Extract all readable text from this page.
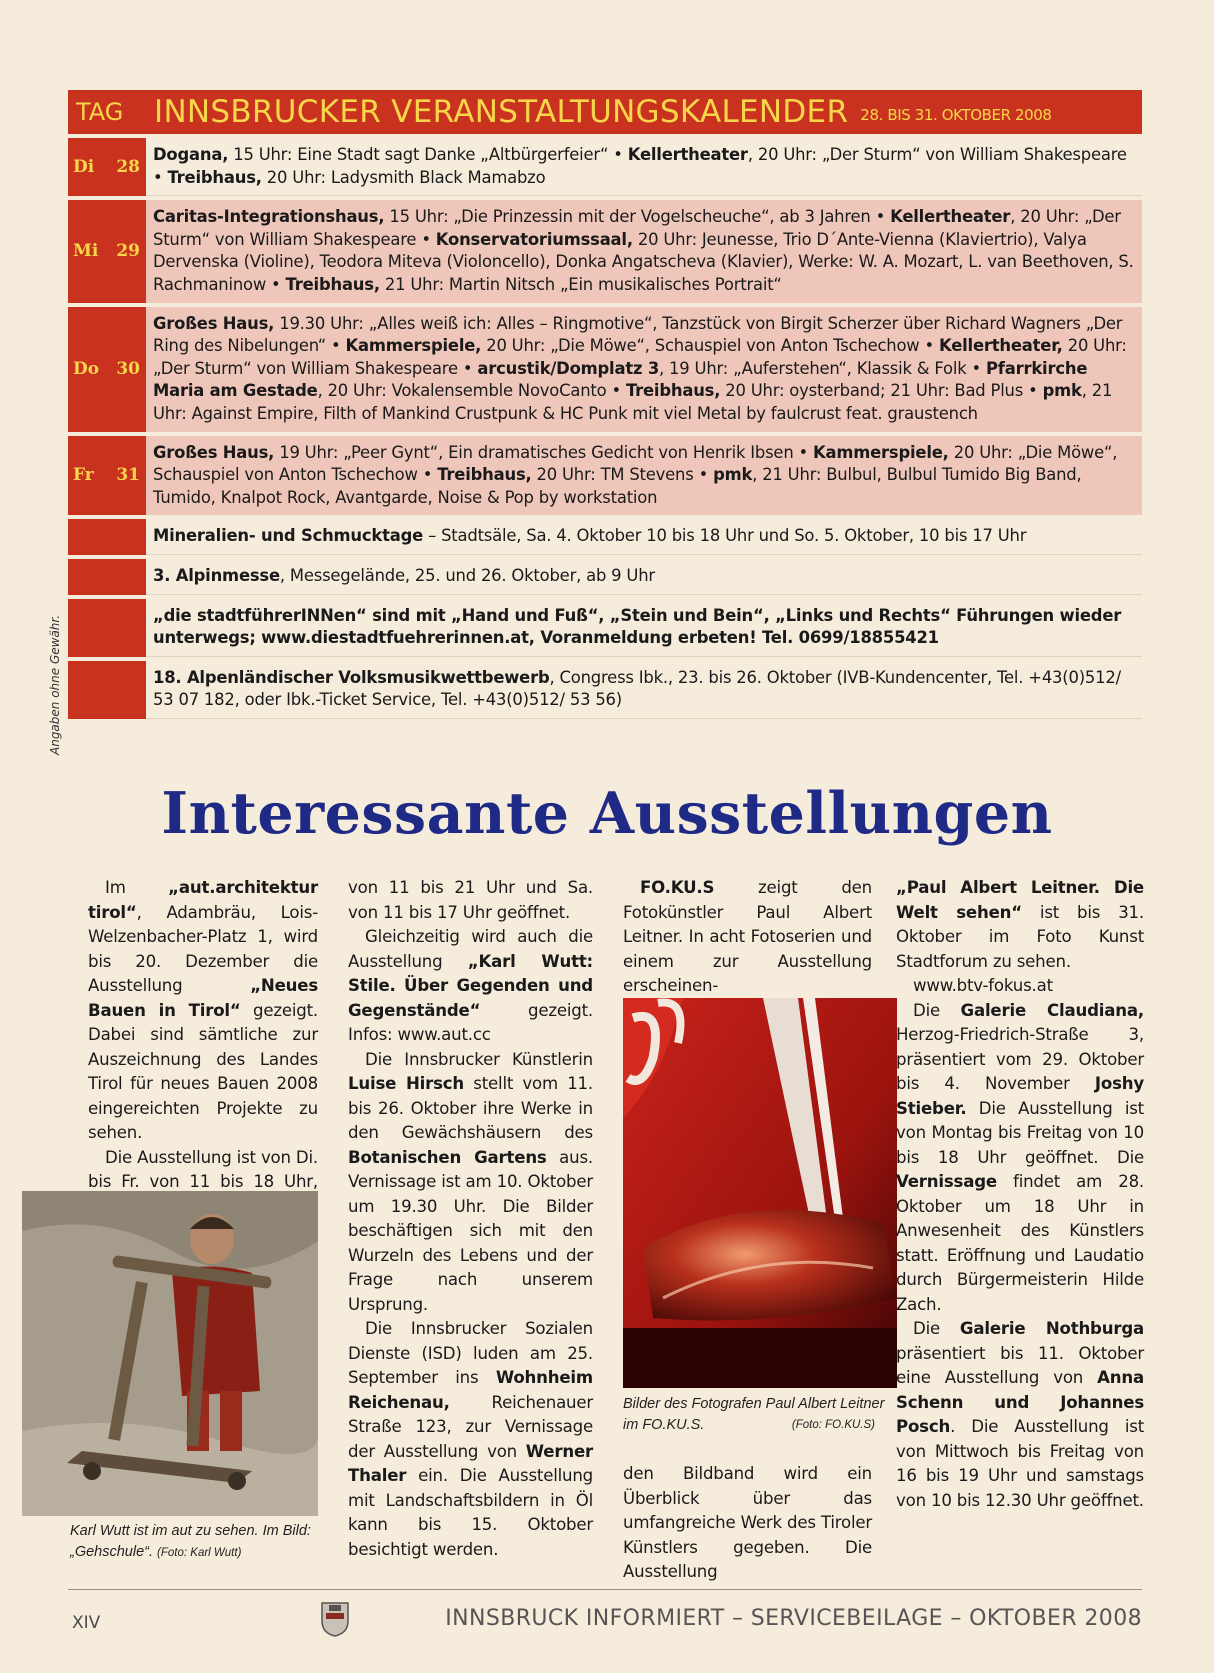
TAG INNSBRUCKER VERANSTALTUNGSKALENDER 28. BIS 31. OKTOBER 2008
Di 28
Dogana, 15 Uhr: Eine Stadt sagt Danke „Altbürgerfeier“ • Kellertheater, 20 Uhr: „Der Sturm“ von William Shakespeare • Treibhaus, 20 Uhr: Ladysmith Black Mamabzo
Mi 29
Caritas-Integrationshaus, 15 Uhr: „Die Prinzessin mit der Vogelscheuche“, ab 3 Jahren • Kellertheater, 20 Uhr: „Der Sturm“ von William Shakespeare • Konservatoriumssaal, 20 Uhr: Jeunesse, Trio D´Ante-Vienna (Klaviertrio), Valya Dervenska (Violine), Teodora Miteva (Violoncello), Donka Angatscheva (Klavier), Werke: W. A. Mozart, L. van Beethoven, S. Rachmaninow • Treibhaus, 21 Uhr: Martin Nitsch „Ein musikalisches Portrait“
Do 30
Großes Haus, 19.30 Uhr: „Alles weiß ich: Alles – Ringmotive“, Tanzstück von Birgit Scherzer über Richard Wagners „Der Ring des Nibelungen“ • Kammerspiele, 20 Uhr: „Die Möwe“, Schauspiel von Anton Tschechow • Kellertheater, 20 Uhr: „Der Sturm“ von William Shakespeare • arcustik/Domplatz 3, 19 Uhr: „Auferstehen“, Klassik & Folk • Pfarrkirche Maria am Gestade, 20 Uhr: Vokalensemble NovoCanto • Treibhaus, 20 Uhr: oysterband; 21 Uhr: Bad Plus • pmk, 21 Uhr: Against Empire, Filth of Mankind Crustpunk & HC Punk mit viel Metal by faulcrust feat. graustench
Fr 31
Großes Haus, 19 Uhr: „Peer Gynt“, Ein dramatisches Gedicht von Henrik Ibsen • Kammerspiele, 20 Uhr: „Die Möwe“, Schauspiel von Anton Tschechow • Treibhaus, 20 Uhr: TM Stevens • pmk, 21 Uhr: Bulbul, Bulbul Tumido Big Band, Tumido, Knalpot Rock, Avantgarde, Noise & Pop by workstation
Mineralien- und Schmucktage – Stadtsäle, Sa. 4. Oktober 10 bis 18 Uhr und So. 5. Oktober, 10 bis 17 Uhr
3. Alpinmesse, Messegelände, 25. und 26. Oktober, ab 9 Uhr
„die stadtführerINNen“ sind mit „Hand und Fuß“, „Stein und Bein“, „Links und Rechts“ Führungen wieder unterwegs; www.diestadtfuehrerinnen.at, Voranmeldung erbeten! Tel. 0699/18855421
18. Alpenländischer Volksmusikwettbewerb, Congress Ibk., 23. bis 26. Oktober (IVB-Kundencenter, Tel. +43(0)512/ 53 07 182, oder Ibk.-Ticket Service, Tel. +43(0)512/ 53 56)
Angaben ohne Gewähr.
Interessante Ausstellungen

Im „aut.architektur tirol“, Adambräu, Lois-Welzenbacher-Platz 1, wird bis 20. Dezember die Ausstellung „Neues Bauen in Tirol“ gezeigt. Dabei sind sämtliche zur Auszeichnung des Landes Tirol für neues Bauen 2008 eingereichten Projekte zu sehen.

Die Ausstellung ist von Di. bis Fr. von 11 bis 18 Uhr,

Karl Wutt ist im aut zu sehen. Im Bild: „Gehschule“. (Foto: Karl Wutt)

von 11 bis 21 Uhr und Sa. von 11 bis 17 Uhr geöffnet.

Gleichzeitig wird auch die Ausstellung „Karl Wutt: Stile. Über Gegenden und Gegenstände“ gezeigt. Infos: www.aut.cc

Die Innsbrucker Künstlerin Luise Hirsch stellt vom 11. bis 26. Oktober ihre Werke in den Gewächshäusern des Botanischen Gartens aus. Vernissage ist am 10. Oktober um 19.30 Uhr. Die Bilder beschäftigen sich mit den Wurzeln des Lebens und der Frage nach unserem Ursprung.

Die Innsbrucker Sozialen Dienste (ISD) luden am 25. September ins Wohnheim Reichenau, Reichenauer Straße 123, zur Vernissage der Ausstellung von Werner Thaler ein. Die Ausstellung mit Landschaftsbildern in Öl kann bis 15. Oktober besichtigt werden.

FO.KU.S zeigt den Fotokünstler Paul Albert Leitner. In acht Fotoserien und einem zur Ausstellung erscheinen-

Bilder des Fotografen Paul Albert Leitner im FO.KU.S.	(Foto: FO.KU.S)

den Bildband wird ein Überblick über das umfangreiche Werk des Tiroler Künstlers gegeben. Die Ausstellung

„Paul Albert Leitner. Die Welt sehen“ ist bis 31. Oktober im Foto Kunst Stadtforum zu sehen.

www.btv-fokus.at

Die Galerie Claudiana, Herzog-Friedrich-Straße 3, präsentiert vom 29. Oktober bis 4. November Joshy Stieber. Die Ausstellung ist von Montag bis Freitag von 10 bis 18 Uhr geöffnet. Die Vernissage findet am 28. Oktober um 18 Uhr in Anwesenheit des Künstlers statt. Eröffnung und Laudatio durch Bürgermeisterin Hilde Zach.

Die Galerie Nothburga präsentiert bis 11. Oktober eine Ausstellung von Anna Schenn und Johannes Posch. Die Ausstellung ist von Mittwoch bis Freitag von 16 bis 19 Uhr und samstags von 10 bis 12.30 Uhr geöffnet.

XIV	INNSBRUCK INFORMIERT – SERVICEBEILAGE – OKTOBER 2008
